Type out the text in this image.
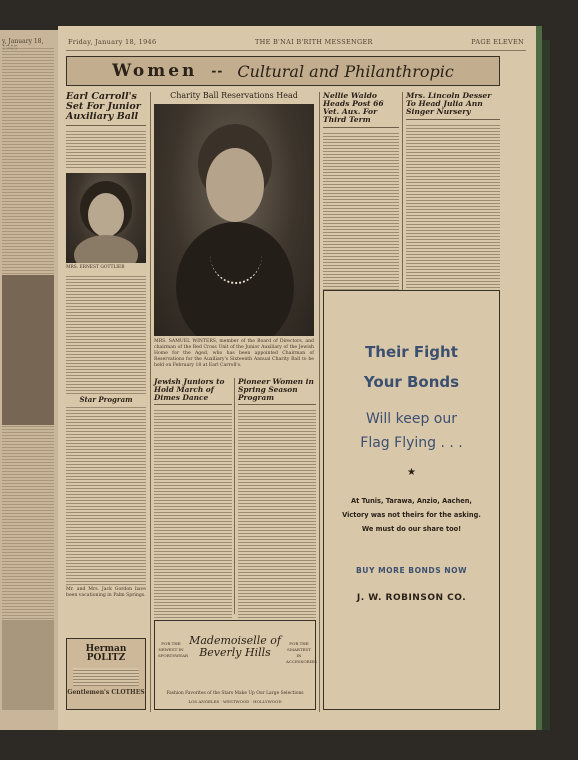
y, January 18,	Friday, January 18, 1946	THE B'NAI B'RITH MESSENGER	PAGE ELEVEN
Women -- Cultural and Philanthropic
Earl Carroll's Set For Junior Auxiliary Ball
MRS. ERNEST GOTTLIEB
Star Program
Mr. and Mrs. Jack Gordon have been vacationing in Palm Springs.
Herman POLITZ
Gentlemen's CLOTHES
Charity Ball Reservations Head
MRS. SAMUEL WINTERS, member of the Board of Directors, and chairman of the Red Cross Unit of the Junior Auxiliary of the Jewish Home for the Aged, who has been appointed Chairman of Reservations for the Auxiliary's Sixteenth Annual Charity Ball to be held on February 18 at Earl Carroll's.
Jewish Juniors to Hold March of Dimes Dance
Pioneer Women in Spring Season Program
FOR THE NEWEST IN SPORTSWEAR
Mademoiselle of Beverly Hills
FOR THE SMARTEST IN ACCESSORIES
Fashion Favorites of the Stars Make Up Our Large Selections
LOS ANGELES · WESTWOOD · HOLLYWOOD
Nellie Waldo Heads Post 66 Vet. Aux. For Third Term
Mrs. Lincoln Desser To Head Julia Ann Singer Nursery
Their Fight
Your Bonds
Will keep our
Flag Flying . . .
★
At Tunis, Tarawa, Anzio, Aachen, Victory was not theirs for the asking. We must do our share too!
BUY MORE BONDS NOW
J. W. ROBINSON CO.
